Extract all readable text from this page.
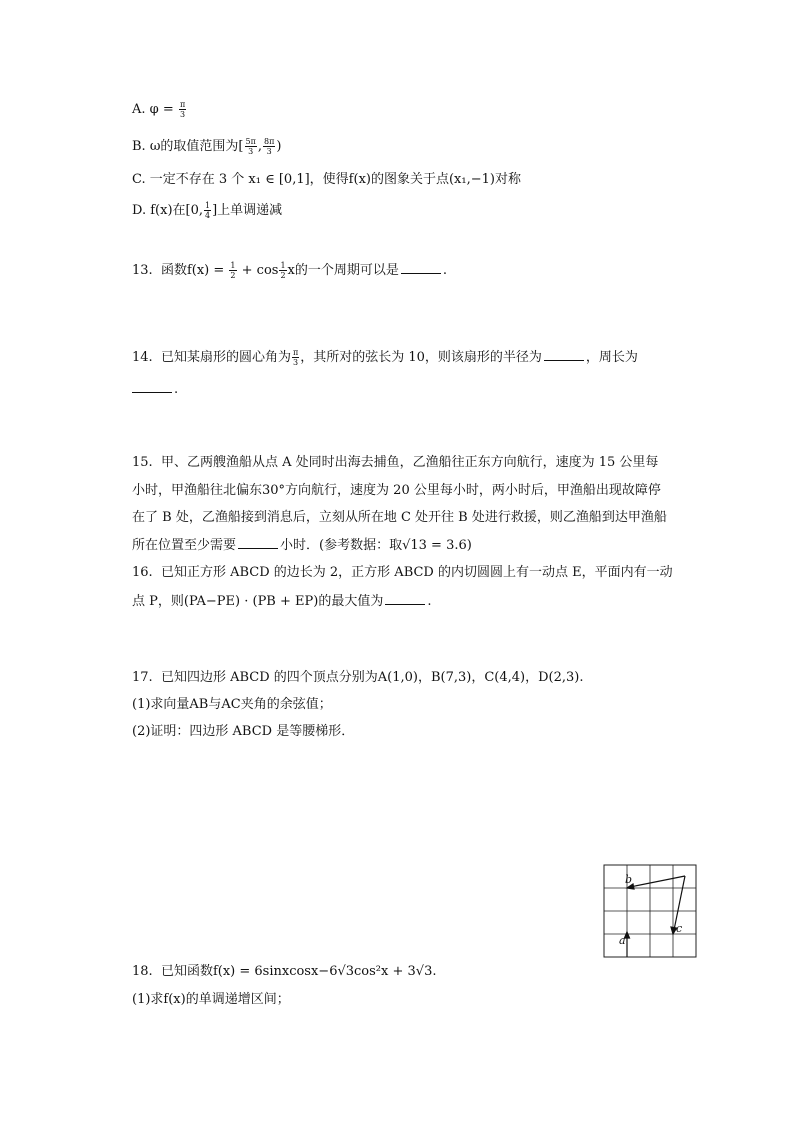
A. $\varphi = \frac{\pi}{3}$
B. ω的取值范围为[ $\frac{5\pi}{3}$ , $\frac{8\pi}{3}$ )
C. 一定不存在 3 个 x₁ ∈ [0,1]，使得f(x)的图象关于点(x₁,−1)对称
D. f(x)在[0, $\frac{1}{4}$ ]上单调递减
13. 函数$f(x) = \frac{1}{2} + \cos \frac{1}{2}$ x的一个周期可以是	.
14. 已知某扇形的圆心角为 $\frac{\pi}{3}$ ，其所对的弦长为 10，则该扇形的半径为	，周长为
.
15. 甲、乙两艘渔船从点 A 处同时出海去捕鱼，乙渔船往正东方向航行，速度为 15 公里每
小时，甲渔船往北偏东30°方向航行，速度为 20 公里每小时，两小时后，甲渔船出现故障停
在了 B 处，乙渔船接到消息后，立刻从所在地 C 处开往 B 处进行救援，则乙渔船到达甲渔船
所在位置至少需要	小时．(参考数据：取√13 = 3.6)
16. 已知正方形 ABCD 的边长为 2，正方形 ABCD 的内切圆圆上有一动点 E，平面内有一动
点 P，则(PA−PE) · (PB + EP)的最大值为	.
17. 已知四边形 ABCD 的四个顶点分别为A(1,0)，B(7,3)，C(4,4)，D(2,3).
(1)求向量AB与AC夹角的余弦值；
(2)证明：四边形 ABCD 是等腰梯形．
a
b
c
18. 已知函数f(x) = 6sinxcosx−6√3cos²x + 3√3.
(1)求f(x)的单调递增区间；
